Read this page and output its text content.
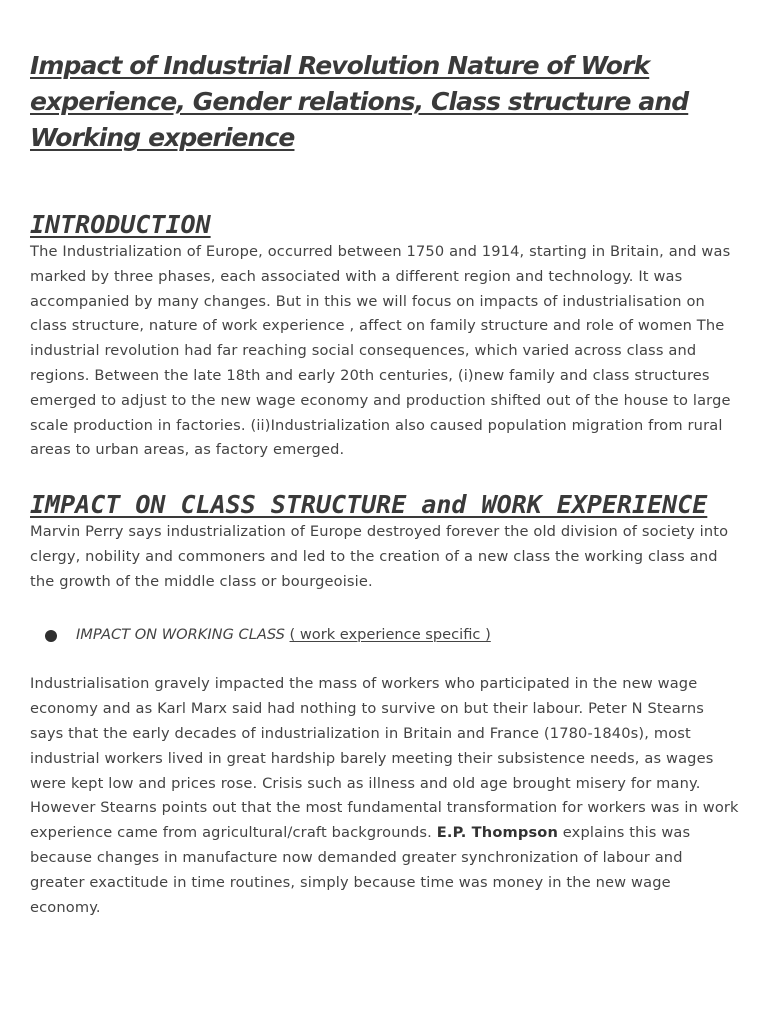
Impact of Industrial Revolution Nature of Work experience, Gender relations, Class structure and Working experience
INTRODUCTION

The Industrialization of Europe, occurred between 1750 and 1914, starting in Britain, and was marked by three phases, each associated with a different region and technology. It was accompanied by many changes. But in this we will focus on impacts of industrialisation on class structure, nature of work experience , affect on family structure and role of women The industrial revolution had far reaching social consequences, which varied across class and regions. Between the late 18th and early 20th centuries, (i)new family and class structures emerged to adjust to the new wage economy and production shifted out of the house to large scale production in factories. (ii)Industrialization also caused population migration from rural areas to urban areas, as factory emerged.

IMPACT ON CLASS STRUCTURE and WORK EXPERIENCE

Marvin Perry says industrialization of Europe destroyed forever the old division of society into clergy, nobility and commoners and led to the creation of a new class the working class and the growth of the middle class or bourgeoisie.

IMPACT ON WORKING CLASS ( work experience specific )

Industrialisation gravely impacted the mass of workers who participated in the new wage economy and as Karl Marx said had nothing to survive on but their labour. Peter N Stearns says that the early decades of industrialization in Britain and France (1780-1840s), most industrial workers lived in great hardship barely meeting their subsistence needs, as wages were kept low and prices rose. Crisis such as illness and old age brought misery for many. However Stearns points out that the most fundamental transformation for workers was in work experience came from agricultural/craft backgrounds. E.P. Thompson explains this was because changes in manufacture now demanded greater synchronization of labour and greater exactitude in time routines, simply because time was money in the new wage economy.
